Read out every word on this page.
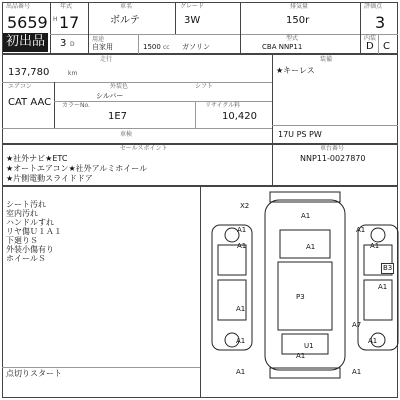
出品番号
5659
初出品
年式
H 17
3 D
車名
ボルテ
用途
自家用	1500 cc
グレード
3W
ガソリン
排気量
150r
型式
CBA NNP11
評価点
3
内装
D C
走行
137,780	km
エアコン
CAT AAC
外装色
シルバー
シフト
カラーNo.	リサイクル料
1E7	10,420
車検
装備
★キーレス
17U PS PW
セールスポイント
★社外ナビ★ETC
★オートエアコン★社外アルミホイール
★片側電動スライドドア
車台番号
NNP11-0027870
シート汚れ
室内汚れ
ハンドルすれ
リヤ傷Ｕ１Ａ１
下廻りＳ
外装小傷有り
ホイールＳ
点切りスタート
X2
A1
A1
A1
A1	A1	A1
B3
A1
P3
A1
A1
A7
A1
U1
A1
A1	A1
